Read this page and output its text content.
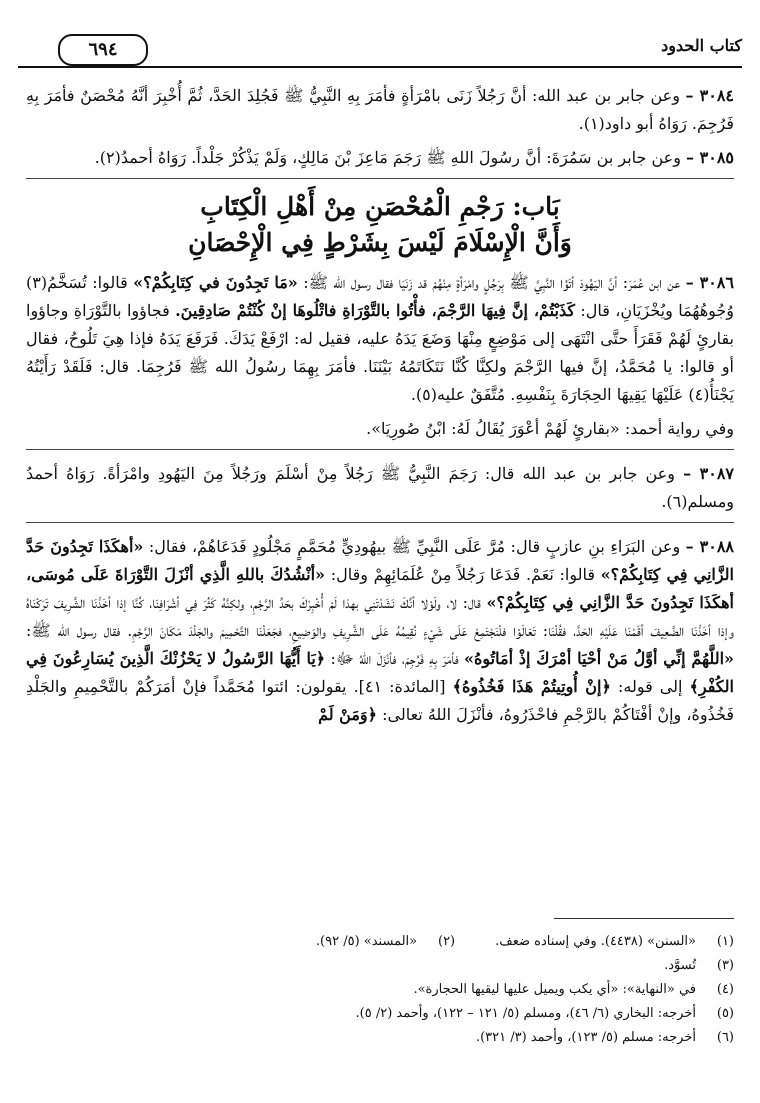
كتاب الحدود
٦٩٤

٣٠٨٤ – وعن جابر بن عبد الله: أنَّ رَجُلاً زَنَى بامْرَأةٍ فأمَرَ بِهِ النَّبِيُّ ﷺ فَجُلِدَ الحَدَّ، ثُمَّ أُخْبِرَ أنَّهُ مُحْصَنٌ فأمَرَ بِهِ فَرُجِمَ. رَوَاهُ أبو داود(١).

٣٠٨٥ – وعن جابر بن سَمُرَةَ: أنَّ رسُولَ اللهِ ﷺ رَجَمَ مَاعِزَ بْنَ مَالِكٍ، وَلَمْ يَذْكُرْ جَلْداً. رَوَاهُ أحمدُ(٢).

بَاب: رَجْمِ الْمُحْصَنِ مِنْ أَهْلِ الْكِتَابِ
وَأَنَّ الْإِسْلَامَ لَيْسَ بِشَرْطٍ فِي الْإِحْصَانِ

٣٠٨٦ – عن ابن عُمَرَ: أنَّ اليَهُودَ أتَوُا النَّبِيَّ ﷺ بِرَجُلٍ وامْرَأةٍ مِنْهُمْ قد زَنَيَا فقال رسول الله ﷺ: «مَا تَجِدُونَ في كِتَابِكُمْ؟» قالوا: تُسَخَّمُ(٣) وُجُوهُهُمَا ويُخْزَيَانِ، قال: كَذَبْتُمْ، إنَّ فِيهَا الرَّجْمَ، فأْتُوا بالتَّوْرَاةِ فاتْلُوهَا إنْ كُنْتُمْ صَادِقِينَ. فجاؤوا بالتَّوْرَاةِ وجاؤوا بقارئٍ لَهُمْ فَقَرَأَ حتَّى انْتَهَى إلى مَوْضِعٍ مِنْهَا وَضَعَ يَدَهُ عليه، فقيل له: ارْفَعْ يَدَكَ. فَرَفَعَ يَدَهُ فإذا هِيَ تَلُوحُ، فقال أو قالوا: يا مُحَمَّدُ، إنَّ فيها الرَّجْمَ ولكِنَّا كُنَّا نَتَكَاتَمُهُ بَيْنَنَا. فأمَرَ بِهِمَا رسُولُ الله ﷺ فَرُجِمَا. قال: فَلَقَدْ رَأَيْتُهُ يَجْنَأُ(٤) عَلَيْهَا يَقِيهَا الحِجَارَةَ بِنَفْسِهِ. مُتَّفَقٌ عليه(٥).

وفي رواية أحمد: «بقارئٍ لَهُمْ أعْوَرَ يُقَالُ لَهُ: ابْنُ صُورِيَا».

٣٠٨٧ – وعن جابر بن عبد الله قال: رَجَمَ النَّبِيُّ ﷺ رَجُلاً مِنْ أسْلَمَ ورَجُلاً مِنَ اليَهُودِ وامْرَأةً. رَوَاهُ أحمدُ ومسلم(٦).

٣٠٨٨ – وعن البَرَاءِ بنِ عازبٍ قال: مُرَّ عَلَى النَّبِيِّ ﷺ بيهُودِيٍّ مُحَمَّمٍ مَجْلُودٍ فَدَعَاهُمْ، فقال: «أهكَذَا تَجِدُونَ حَدَّ الزَّانِي فِي كِتَابِكُمْ؟» قالوا: نَعَمْ. فَدَعَا رَجُلاً مِنْ عُلَمَائِهِمْ وقال: «أنْشُدُكَ باللهِ الَّذِي أنْزَلَ التَّوْرَاةَ عَلَى مُوسَى، أهكَذَا تَجِدُونَ حَدَّ الزَّانِي فِي كِتَابِكُمْ؟» قال: لا، ولَوْلا أنَّكَ نَشَدْتَنِي بهذا لَمْ أُخْبِرْكَ بحَدِّ الرَّجْمِ، ولكِنَّهُ كَثُرَ فِي أشْرَافِنَا، كُنَّا إذا أخَذْنَا الشَّرِيفَ تَرَكْنَاهُ وإذا أخَذْنَا الضَّعِيفَ أقَمْنَا عَلَيْهِ الحَدَّ، فقُلْنَا: تَعَالَوْا فلْنَجْتَمِعْ عَلَى شَيْءٍ نُقِيمُهُ عَلَى الشَّرِيفِ والوَضِيعِ، فجَعَلْنَا التَّحْمِيمَ والجَلْدَ مَكَانَ الرَّجْمِ. فقال رسول الله ﷺ: «اللَّهُمَّ إنِّي أوَّلُ مَنْ أحْيَا أمْرَكَ إذْ أمَاتُوهُ» فأمَرَ بِهِ فَرُجِمَ، فأنْزَلَ اللهُ ﷻ: ﴿يَا أَيُّهَا الرَّسُولُ لا يَحْزُنْكَ الَّذِينَ يُسَارِعُونَ فِي الكُفْرِ﴾ إلى قوله: ﴿إنْ أُوتِيتُمْ هَذَا فَخُذُوهُ﴾ [المائدة: ٤١]. يقولون: ائتوا مُحَمَّداً فإنْ أمَرَكُمْ بالتَّحْمِيمِ والجَلْدِ فَخُذُوهُ، وإنْ أفْتَاكُمْ بالرَّجْمِ فاحْذَرُوهُ، فأنْزَلَ اللهُ تعالى: ﴿وَمَنْ لَمْ

(١)
«السنن» (٤٤٣٨). وفي إسناده ضعف.
(٢)
«المسند» (٥/ ٩٢).
(٣)
تُسوَّد.
(٤)
في «النهاية»: «أي يكب ويميل عليها ليقيها الحجارة».
(٥)
أخرجه: البخاري (٦/ ٤٦)، ومسلم (٥/ ١٢١ – ١٢٢)، وأحمد (٢/ ٥).
(٦)
أخرجه: مسلم (٥/ ١٢٣)، وأحمد (٣/ ٣٢١).
